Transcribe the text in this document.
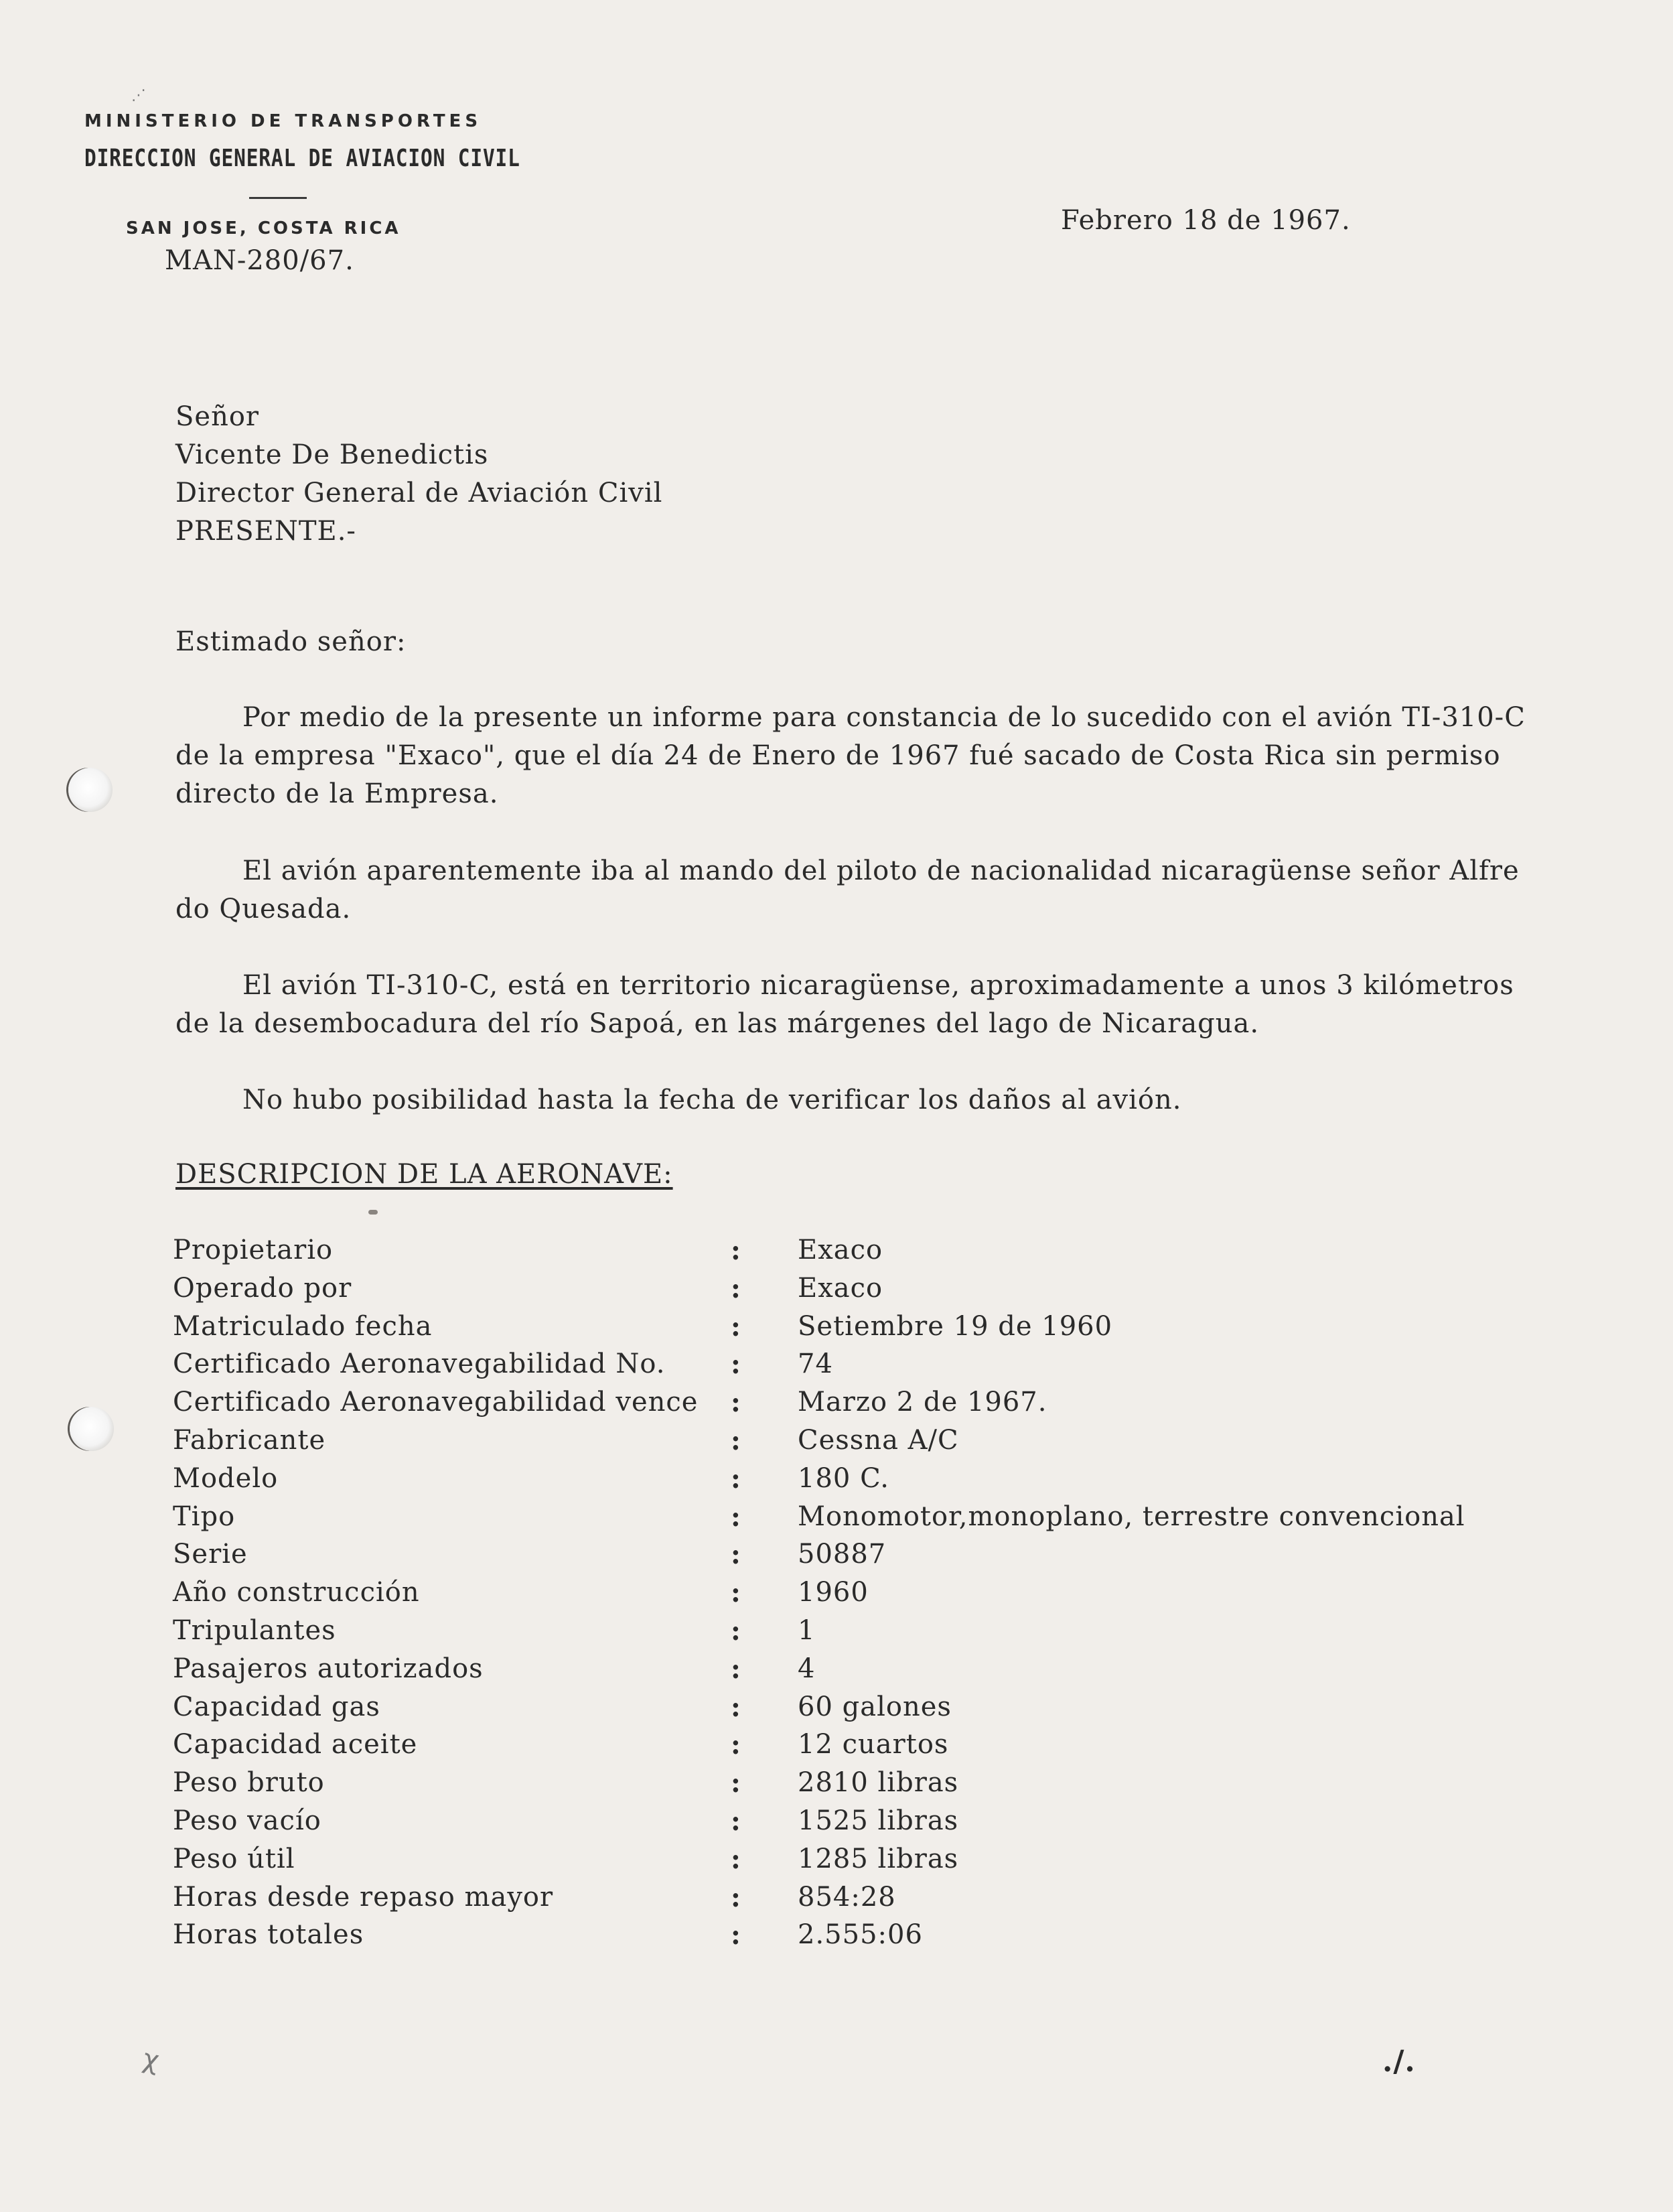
⋰
MINISTERIO DE TRANSPORTES
DIRECCION GENERAL DE AVIACION CIVIL
SAN JOSE, COSTA RICA
MAN-280/67.
Febrero 18 de 1967.
Señor
Vicente De Benedictis
Director General de Aviación Civil
PRESENTE.-
Estimado señor:
Por medio de la presente un informe para constancia de lo sucedido con el avión TI-310-C
de la empresa "Exaco", que el día 24 de Enero de 1967 fué sacado de Costa Rica sin permiso
directo de la Empresa.
El avión aparentemente iba al mando del piloto de nacionalidad nicaragüense señor Alfre
do Quesada.
El avión TI-310-C, está en territorio nicaragüense, aproximadamente a unos 3 kilómetros
de la desembocadura del río Sapoá, en las márgenes del lago de Nicaragua.
No hubo posibilidad hasta la fecha de verificar los daños al avión.
DESCRIPCION DE LA AERONAVE:
Propietario	: Exaco
Operado por	: Exaco
Matriculado fecha	: Setiembre 19 de 1960
Certificado Aeronavegabilidad No. : 74
Certificado Aeronavegabilidad vence : Marzo 2 de 1967.
Fabricante	: Cessna A/C
Modelo	: 180 C.
Tipo	: Monomotor,monoplano, terrestre convencional
Serie	: 50887
Año construcción	: 1960
Tripulantes	: 1
Pasajeros autorizados	: 4
Capacidad gas	: 60 galones
Capacidad aceite	: 12 cuartos
Peso bruto	: 2810 libras
Peso vacío	: 1525 libras
Peso útil	: 1285 libras
Horas desde repaso mayor	: 854:28
Horas totales	: 2.555:06
./.
χ
